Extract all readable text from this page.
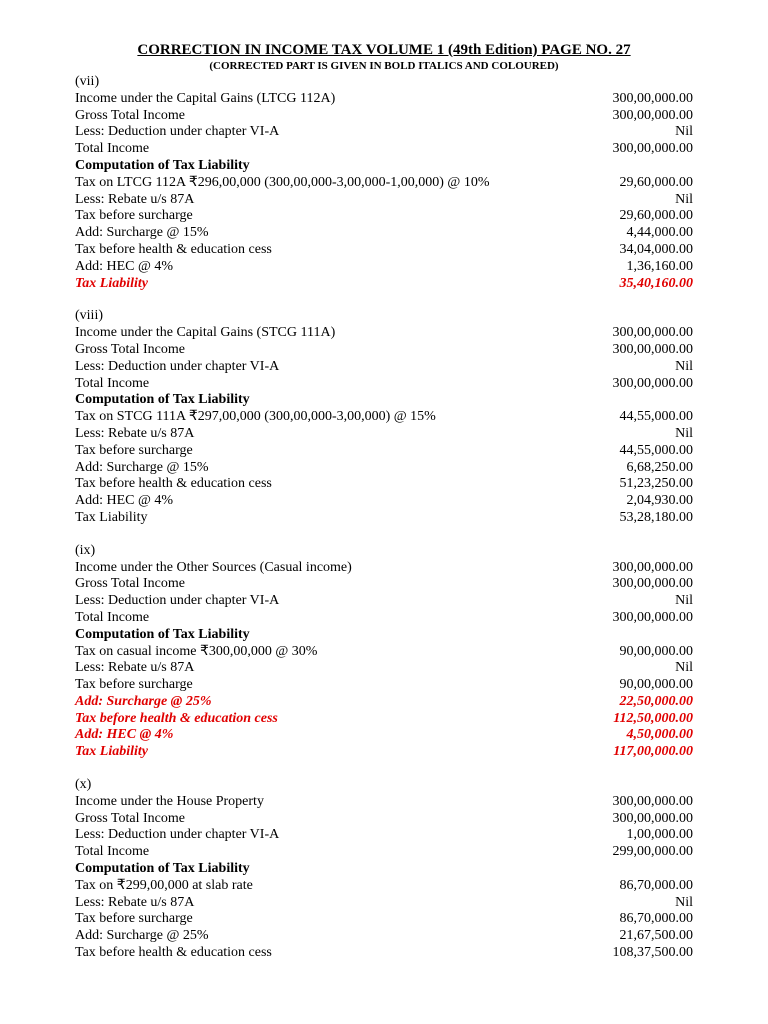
CORRECTION IN INCOME TAX VOLUME 1 (49th Edition) PAGE NO. 27
(CORRECTED PART IS GIVEN IN BOLD ITALICS AND COLOURED)
(vii)
Income under the Capital Gains (LTCG 112A)	300,00,000.00
Gross Total Income	300,00,000.00
Less: Deduction under chapter VI-A	Nil
Total Income	300,00,000.00
Computation of Tax Liability
Tax on LTCG 112A ₹296,00,000 (300,00,000-3,00,000-1,00,000) @ 10%	29,60,000.00
Less: Rebate u/s 87A	Nil
Tax before surcharge	29,60,000.00
Add: Surcharge @ 15%	4,44,000.00
Tax before health & education cess	34,04,000.00
Add: HEC @ 4%	1,36,160.00
Tax Liability	35,40,160.00
(viii)
Income under the Capital Gains (STCG 111A)	300,00,000.00
Gross Total Income	300,00,000.00
Less: Deduction under chapter VI-A	Nil
Total Income	300,00,000.00
Computation of Tax Liability
Tax on STCG 111A ₹297,00,000 (300,00,000-3,00,000) @ 15%	44,55,000.00
Less: Rebate u/s 87A	Nil
Tax before surcharge	44,55,000.00
Add: Surcharge @ 15%	6,68,250.00
Tax before health & education cess	51,23,250.00
Add: HEC @ 4%	2,04,930.00
Tax Liability	53,28,180.00
(ix)
Income under the Other Sources (Casual income)	300,00,000.00
Gross Total Income	300,00,000.00
Less: Deduction under chapter VI-A	Nil
Total Income	300,00,000.00
Computation of Tax Liability
Tax on casual income ₹300,00,000 @ 30%	90,00,000.00
Less: Rebate u/s 87A	Nil
Tax before surcharge	90,00,000.00
Add: Surcharge @ 25%	22,50,000.00
Tax before health & education cess	112,50,000.00
Add: HEC @ 4%	4,50,000.00
Tax Liability	117,00,000.00
(x)
Income under the House Property	300,00,000.00
Gross Total Income	300,00,000.00
Less: Deduction under chapter VI-A	1,00,000.00
Total Income	299,00,000.00
Computation of Tax Liability
Tax on ₹299,00,000 at slab rate	86,70,000.00
Less: Rebate u/s 87A	Nil
Tax before surcharge	86,70,000.00
Add: Surcharge @ 25%	21,67,500.00
Tax before health & education cess	108,37,500.00
